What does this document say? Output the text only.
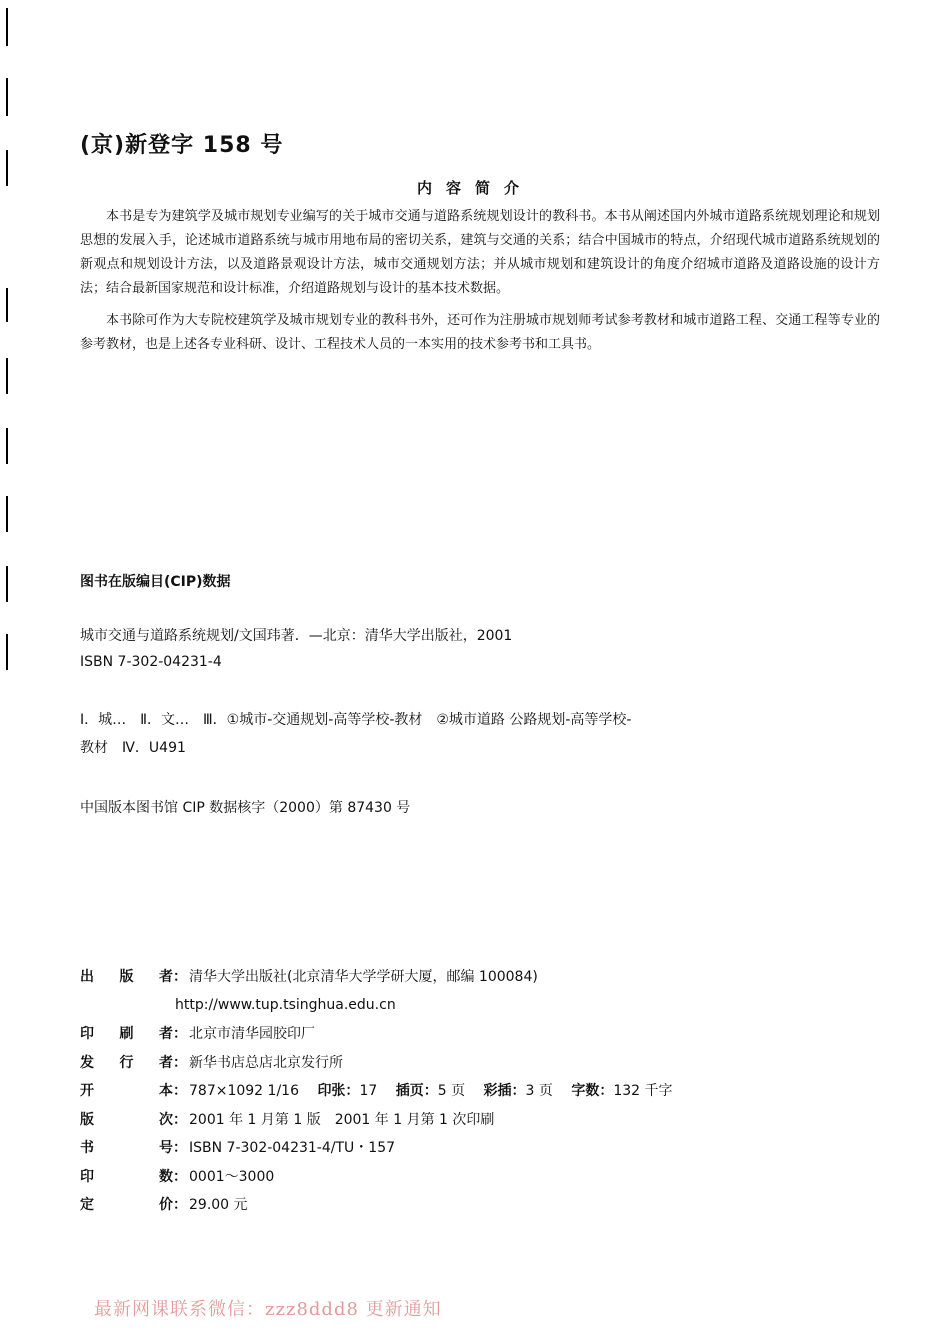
(京)新登字 158 号
内容简介

本书是专为建筑学及城市规划专业编写的关于城市交通与道路系统规划设计的教科书。本书从阐述国内外城市道路系统规划理论和规划思想的发展入手，论述城市道路系统与城市用地布局的密切关系，建筑与交通的关系；结合中国城市的特点，介绍现代城市道路系统规划的新观点和规划设计方法，以及道路景观设计方法，城市交通规划方法；并从城市规划和建筑设计的角度介绍城市道路及道路设施的设计方法；结合最新国家规范和设计标准，介绍道路规划与设计的基本技术数据。

本书除可作为大专院校建筑学及城市规划专业的教科书外，还可作为注册城市规划师考试参考教材和城市道路工程、交通工程等专业的参考教材，也是上述各专业科研、设计、工程技术人员的一本实用的技术参考书和工具书。

图书在版编目(CIP)数据
城市交通与道路系统规划/文国玮著．—北京：清华大学出版社，2001
ISBN 7-302-04231-4

Ⅰ．城…　Ⅱ．文…　Ⅲ．①城市-交通规划-高等学校-教材　②城市道路 公路规划-高等学校-

教材　Ⅳ．U491

中国版本图书馆 CIP 数据核字（2000）第 87430 号
出 版 者 ： 清华大学出版社(北京清华大学学研大厦，邮编 100084)
http://www.tup.tsinghua.edu.cn
印 刷 者 ： 北京市清华园胶印厂
发 行 者 ： 新华书店总店北京发行所
开	本 ： 787×1092 1/16 印张：17 插页：5 页 彩插：3 页 字数：132 千字
版	次 ： 2001 年 1 月第 1 版　2001 年 1 月第 1 次印刷
书	号 ： ISBN 7-302-04231-4/TU・157
印	数 ： 0001～3000
定	价 ： 29.00 元
最新网课联系微信：zzz8ddd8 更新通知
